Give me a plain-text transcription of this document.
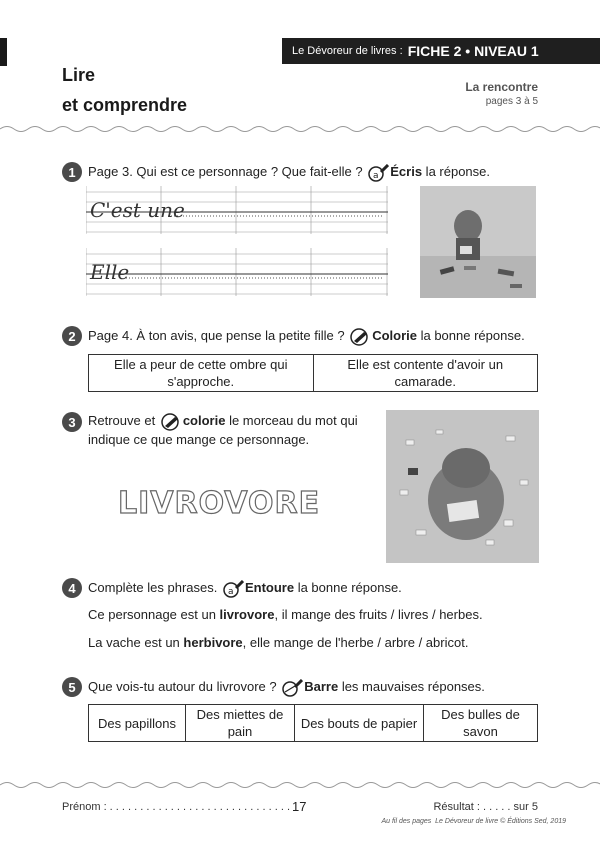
Le Dévoreur de livres :
FICHE 2 • NIVEAU 1
Lire
et comprendre
La rencontre
pages 3 à 5
1 Page 3. Qui est ce personnage ? Que fait-elle ? a Écris la réponse.
C'est une
Elle
2 Page 4. À ton avis, que pense la petite fille ? Colorie la bonne réponse.
Elle a peur de cette ombre qui s'approche.	Elle est contente d'avoir un camarade.
3 Retrouve et colorie le morceau du mot qui
indique ce que mange ce personnage.
LIVROVORE
4 Complète les phrases. a Entoure la bonne réponse.
Ce personnage est un livrovore, il mange des fruits / livres / herbes.
La vache est un herbivore, elle mange de l'herbe / arbre / abricot.
5 Que vois-tu autour du livrovore ? Barre les mauvaises réponses.
Des papillons	Des miettes de pain	Des bouts de papier	Des bulles de savon
Prénom : . . . . . . . . . . . . . . . . . . . . . . . . . . . . . . 17	Résultat : . . . . . sur 5
Au fil des pages Le Dévoreur de livre © Éditions Sed, 2019
